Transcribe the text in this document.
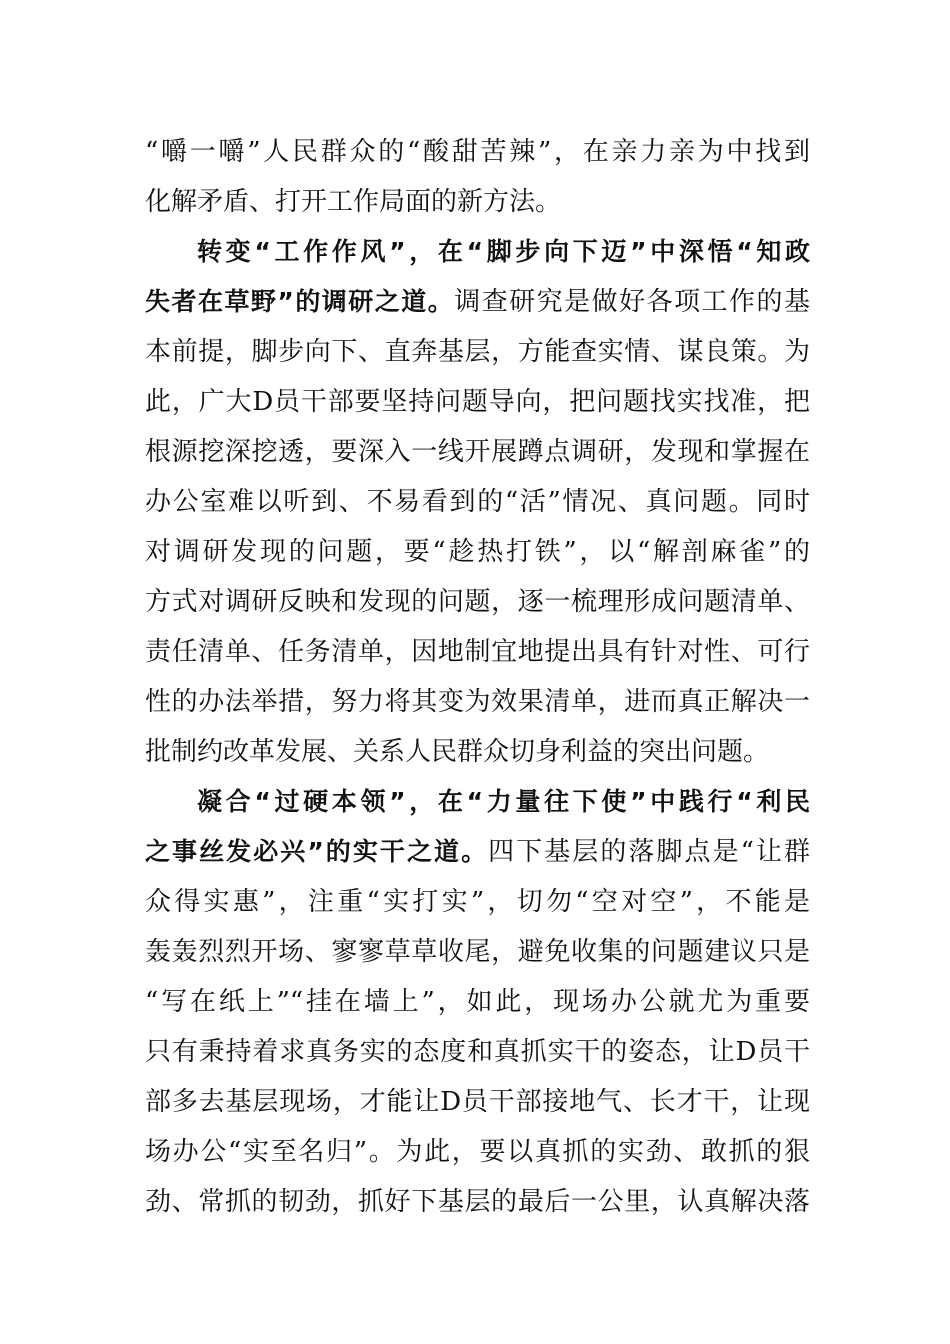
“嚼一嚼”人民群众的“酸甜苦辣”，在亲力亲为中找到
化解矛盾、打开工作局面的新方法。
转变“工作作风”，在“脚步向下迈”中深悟“知政
失者在草野”的调研之道。调查研究是做好各项工作的基
本前提，脚步向下、直奔基层，方能查实情、谋良策。为
此，广大D员干部要坚持问题导向，把问题找实找准，把
根源挖深挖透，要深入一线开展蹲点调研，发现和掌握在
办公室难以听到、不易看到的“活”情况、真问题。同时
对调研发现的问题，要“趁热打铁”，以“解剖麻雀”的
方式对调研反映和发现的问题，逐一梳理形成问题清单、
责任清单、任务清单，因地制宜地提出具有针对性、可行
性的办法举措，努力将其变为效果清单，进而真正解决一
批制约改革发展、关系人民群众切身利益的突出问题。
凝合“过硬本领”，在“力量往下使”中践行“利民
之事丝发必兴”的实干之道。四下基层的落脚点是“让群
众得实惠”，注重“实打实”，切勿“空对空”，不能是
轰轰烈烈开场、寥寥草草收尾，避免收集的问题建议只是
“写在纸上”“挂在墙上”，如此，现场办公就尤为重要
只有秉持着求真务实的态度和真抓实干的姿态，让D员干
部多去基层现场，才能让D员干部接地气、长才干，让现
场办公“实至名归”。为此，要以真抓的实劲、敢抓的狠
劲、常抓的韧劲，抓好下基层的最后一公里，认真解决落
